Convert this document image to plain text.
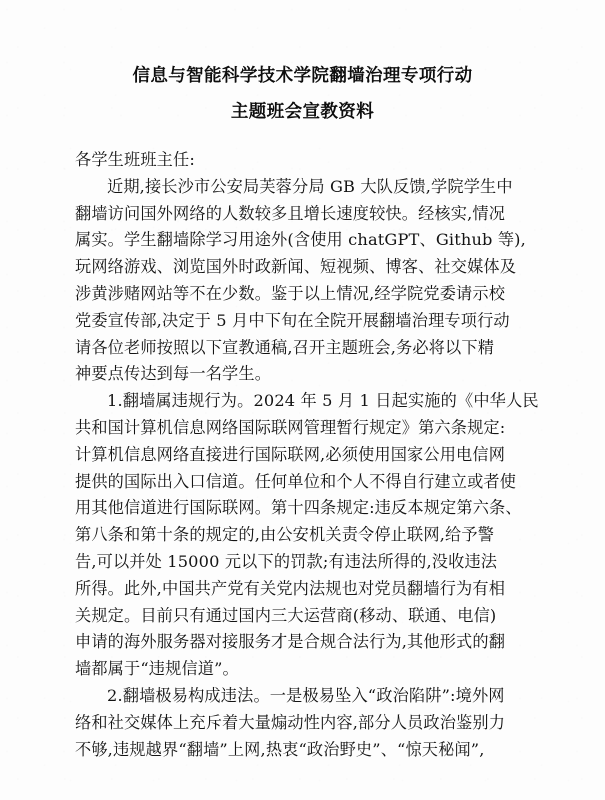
信息与智能科学技术学院翻墙治理专项行动
主题班会宣教资料
各学生班班主任:
近期,接长沙市公安局芙蓉分局 GB 大队反馈,学院学生中
翻墙访问国外网络的人数较多且增长速度较快。经核实,情况
属实。学生翻墙除学习用途外(含使用 chatGPT、Github 等),
玩网络游戏、浏览国外时政新闻、短视频、博客、社交媒体及
涉黄涉赌网站等不在少数。鉴于以上情况,经学院党委请示校
党委宣传部,决定于 5 月中下旬在全院开展翻墙治理专项行动
请各位老师按照以下宣教通稿,召开主题班会,务必将以下精
神要点传达到每一名学生。
1.翻墙属违规行为。2024 年 5 月 1 日起实施的《中华人民
共和国计算机信息网络国际联网管理暂行规定》第六条规定:
计算机信息网络直接进行国际联网,必须使用国家公用电信网
提供的国际出入口信道。任何单位和个人不得自行建立或者使
用其他信道进行国际联网。第十四条规定:违反本规定第六条、
第八条和第十条的规定的,由公安机关责令停止联网,给予警
告,可以并处 15000 元以下的罚款;有违法所得的,没收违法
所得。此外,中国共产党有关党内法规也对党员翻墙行为有相
关规定。目前只有通过国内三大运营商(移动、联通、电信)
申请的海外服务器对接服务才是合规合法行为,其他形式的翻
墙都属于“违规信道”。
2.翻墙极易构成违法。一是极易坠入“政治陷阱”:境外网
络和社交媒体上充斥着大量煽动性内容,部分人员政治鉴别力
不够,违规越界“翻墙”上网,热衷“政治野史”、“惊天秘闻”,
